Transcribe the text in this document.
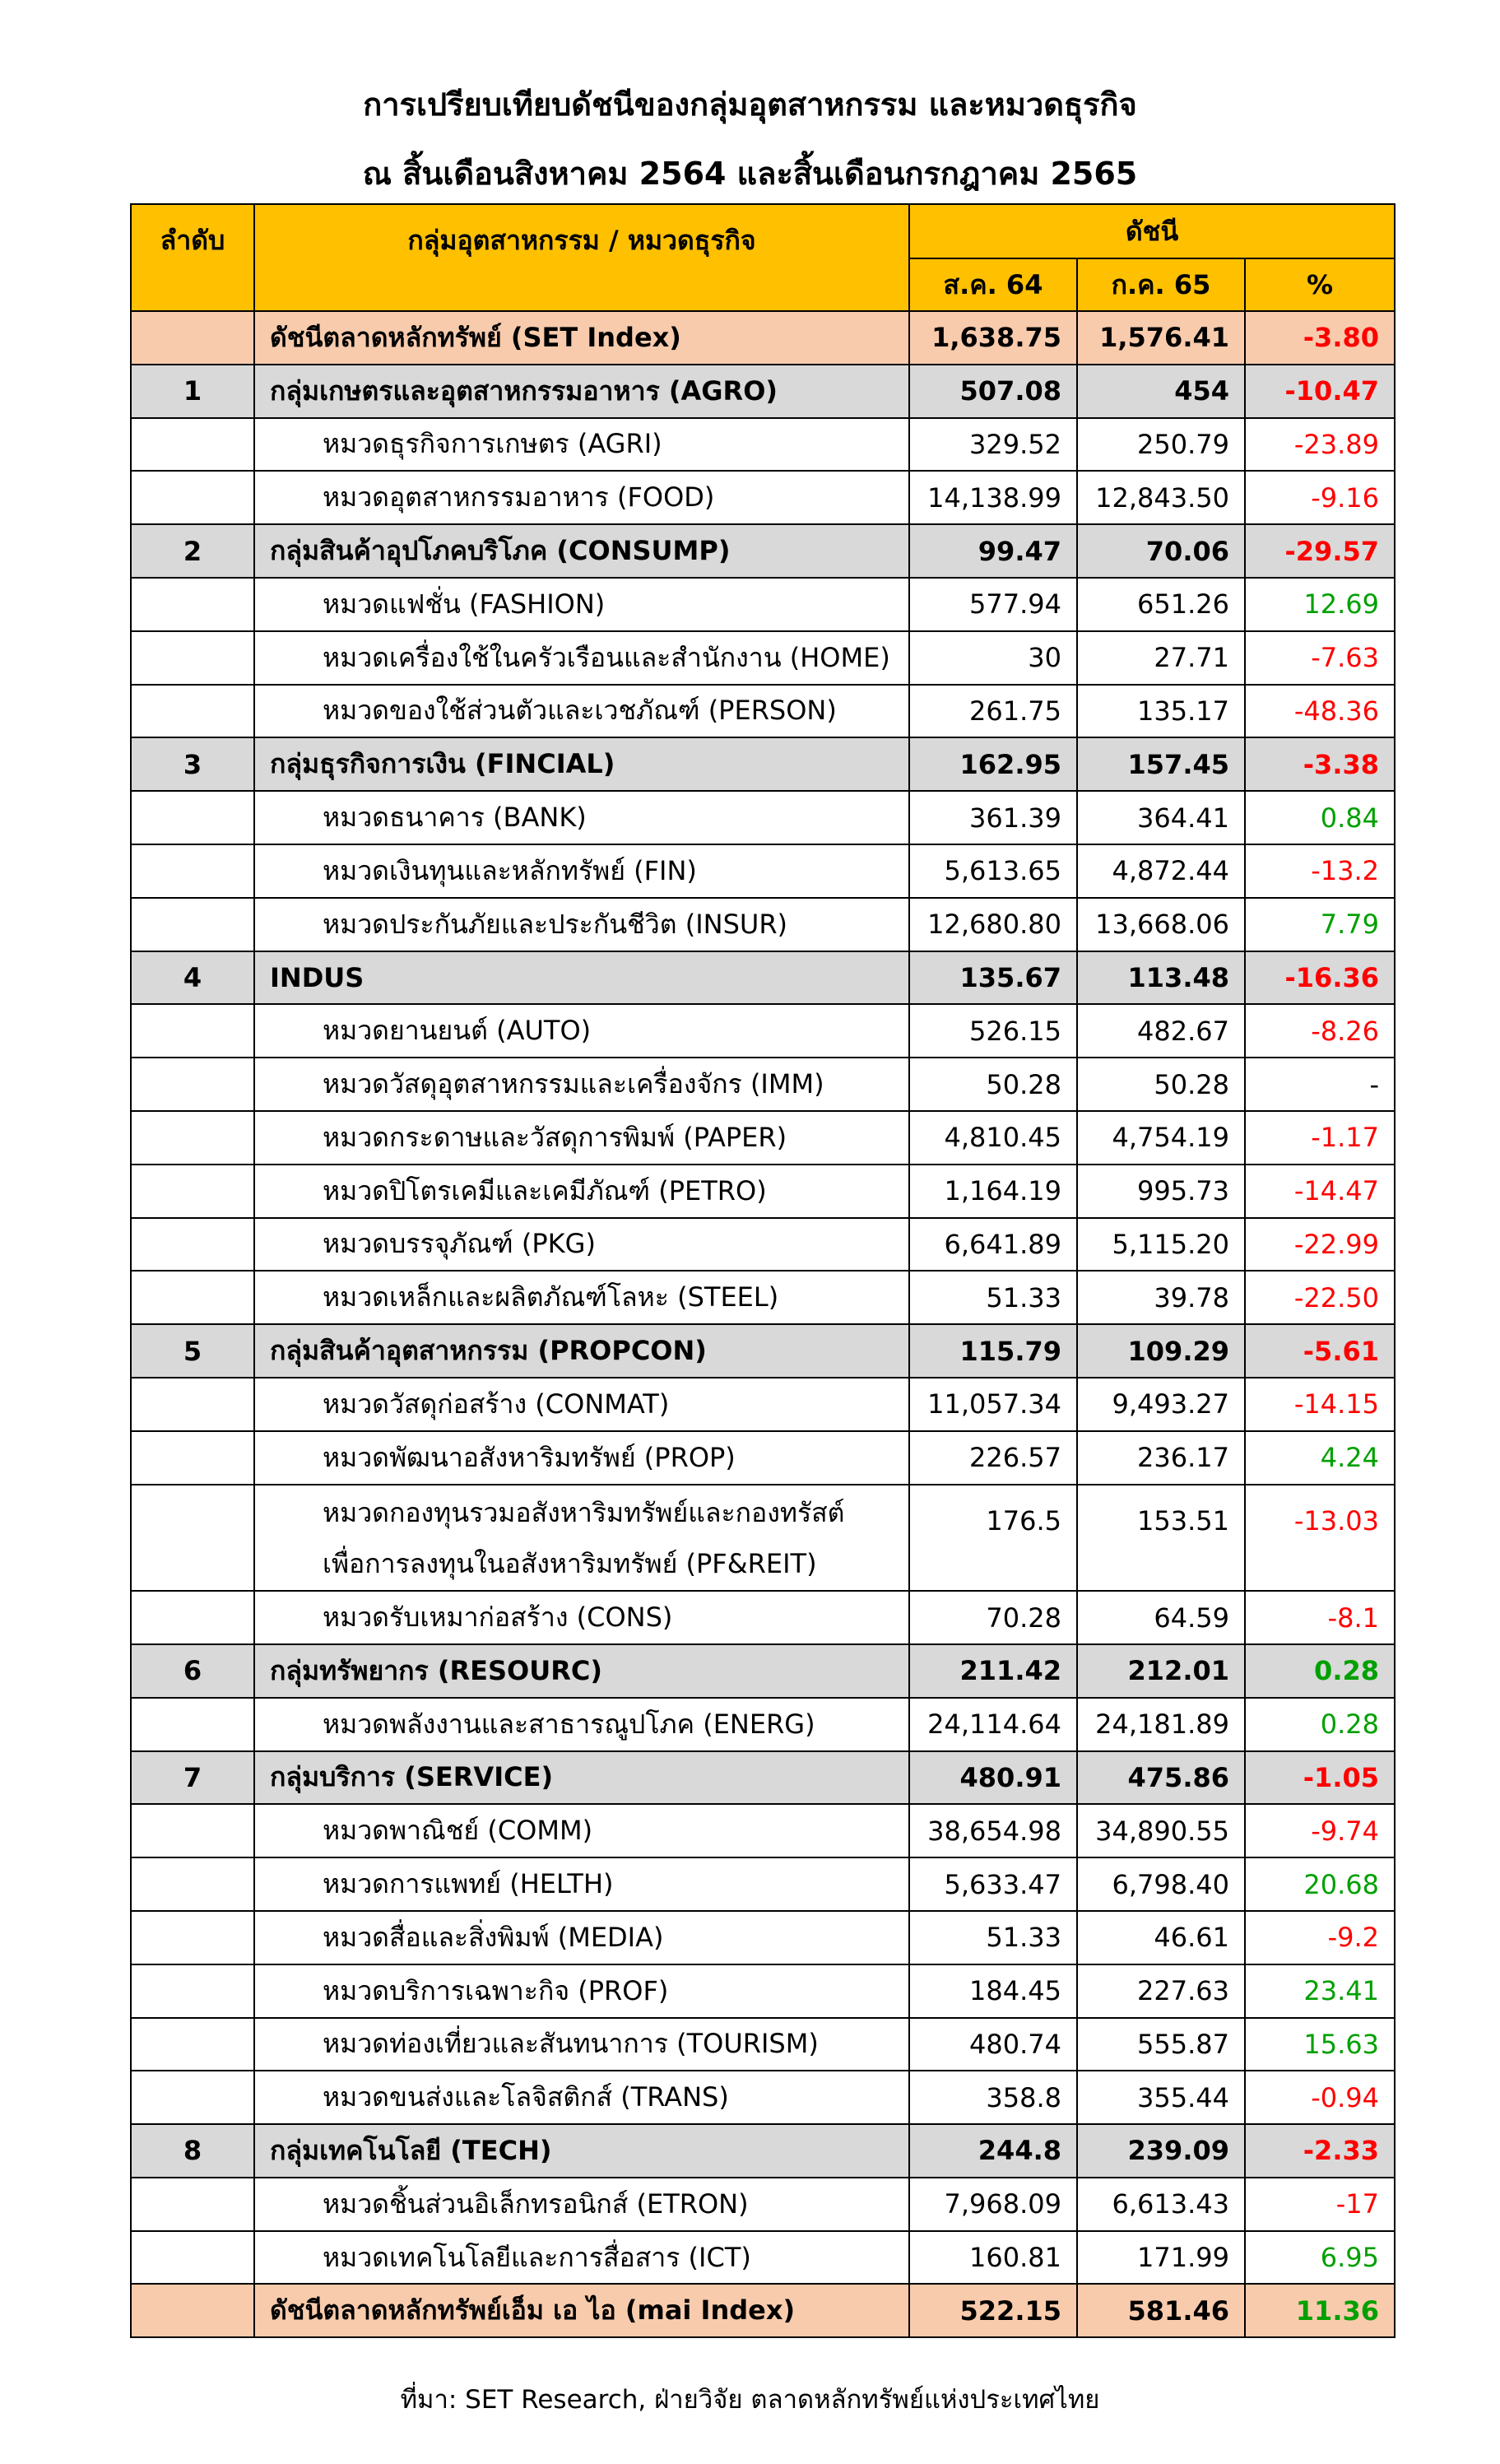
การเปรียบเทียบดัชนีของกลุ่มอุตสาหกรรม และหมวดธุรกิจ
ณ สิ้นเดือนสิงหาคม 2564 และสิ้นเดือนกรกฎาคม 2565
ลำดับ	กลุ่มอุตสาหกรรม / หมวดธุรกิจ	ดัชนี		
		ส.ค. 64	ก.ค. 65	%
	ดัชนีตลาดหลักทรัพย์ (SET Index)	1,638.75	1,576.41	-3.80
1	กลุ่มเกษตรและอุตสาหกรรมอาหาร (AGRO)	507.08	454	-10.47
	หมวดธุรกิจการเกษตร (AGRI)	329.52	250.79	-23.89
	หมวดอุตสาหกรรมอาหาร (FOOD)	14,138.99	12,843.50	-9.16
2	กลุ่มสินค้าอุปโภคบริโภค (CONSUMP)	99.47	70.06	-29.57
	หมวดแฟชั่น (FASHION)	577.94	651.26	12.69
	หมวดเครื่องใช้ในครัวเรือนและสำนักงาน (HOME)	30	27.71	-7.63
	หมวดของใช้ส่วนตัวและเวชภัณฑ์ (PERSON)	261.75	135.17	-48.36
3	กลุ่มธุรกิจการเงิน (FINCIAL)	162.95	157.45	-3.38
	หมวดธนาคาร (BANK)	361.39	364.41	0.84
	หมวดเงินทุนและหลักทรัพย์ (FIN)	5,613.65	4,872.44	-13.2
	หมวดประกันภัยและประกันชีวิต (INSUR)	12,680.80	13,668.06	7.79
4	INDUS	135.67	113.48	-16.36
	หมวดยานยนต์ (AUTO)	526.15	482.67	-8.26
	หมวดวัสดุอุตสาหกรรมและเครื่องจักร (IMM)	50.28	50.28	-
	หมวดกระดาษและวัสดุการพิมพ์ (PAPER)	4,810.45	4,754.19	-1.17
	หมวดปิโตรเคมีและเคมีภัณฑ์ (PETRO)	1,164.19	995.73	-14.47
	หมวดบรรจุภัณฑ์ (PKG)	6,641.89	5,115.20	-22.99
	หมวดเหล็กและผลิตภัณฑ์โลหะ (STEEL)	51.33	39.78	-22.50
5	กลุ่มสินค้าอุตสาหกรรม (PROPCON)	115.79	109.29	-5.61
	หมวดวัสดุก่อสร้าง (CONMAT)	11,057.34	9,493.27	-14.15
	หมวดพัฒนาอสังหาริมทรัพย์ (PROP)	226.57	236.17	4.24
	หมวดกองทุนรวมอสังหาริมทรัพย์และกองทรัสต์ เพื่อการลงทุนในอสังหาริมทรัพย์ (PF&REIT)	176.5	153.51	-13.03
	หมวดรับเหมาก่อสร้าง (CONS)	70.28	64.59	-8.1
6	กลุ่มทรัพยากร (RESOURC)	211.42	212.01	0.28
	หมวดพลังงานและสาธารณูปโภค (ENERG)	24,114.64	24,181.89	0.28
7	กลุ่มบริการ (SERVICE)	480.91	475.86	-1.05
	หมวดพาณิชย์ (COMM)	38,654.98	34,890.55	-9.74
	หมวดการแพทย์ (HELTH)	5,633.47	6,798.40	20.68
	หมวดสื่อและสิ่งพิมพ์ (MEDIA)	51.33	46.61	-9.2
	หมวดบริการเฉพาะกิจ (PROF)	184.45	227.63	23.41
	หมวดท่องเที่ยวและสันทนาการ (TOURISM)	480.74	555.87	15.63
	หมวดขนส่งและโลจิสติกส์ (TRANS)	358.8	355.44	-0.94
8	กลุ่มเทคโนโลยี (TECH)	244.8	239.09	-2.33
	หมวดชิ้นส่วนอิเล็กทรอนิกส์ (ETRON)	7,968.09	6,613.43	-17
	หมวดเทคโนโลยีและการสื่อสาร (ICT)	160.81	171.99	6.95
	ดัชนีตลาดหลักทรัพย์เอ็ม เอ ไอ (mai Index)	522.15	581.46	11.36
ที่มา: SET Research, ฝ่ายวิจัย ตลาดหลักทรัพย์แห่งประเทศไทย
